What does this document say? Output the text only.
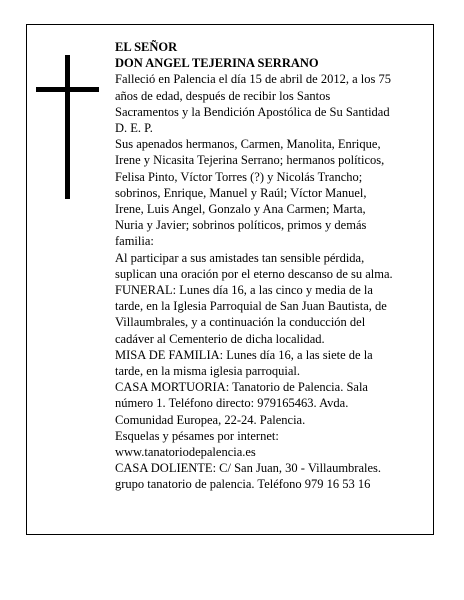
EL SEÑOR
DON ANGEL TEJERINA SERRANO
Falleció en Palencia el día 15 de abril de 2012, a los 75
años de edad, después de recibir los Santos
Sacramentos y la Bendición Apostólica de Su Santidad
D. E. P.
Sus apenados hermanos, Carmen, Manolita, Enrique,
Irene y Nicasita Tejerina Serrano; hermanos políticos,
Felisa Pinto, Víctor Torres (?) y Nicolás Trancho;
sobrinos, Enrique, Manuel y Raúl; Víctor Manuel,
Irene, Luis Angel, Gonzalo y Ana Carmen; Marta,
Nuria y Javier; sobrinos políticos, primos y demás
familia:
Al participar a sus amistades tan sensible pérdida,
suplican una oración por el eterno descanso de su alma.
FUNERAL: Lunes día 16, a las cinco y media de la
tarde, en la Iglesia Parroquial de San Juan Bautista, de
Villaumbrales, y a continuación la conducción del
cadáver al Cementerio de dicha localidad.
MISA DE FAMILIA: Lunes día 16, a las siete de la
tarde, en la misma iglesia parroquial.
CASA MORTUORIA: Tanatorio de Palencia. Sala
número 1. Teléfono directo: 979165463. Avda.
Comunidad Europea, 22-24. Palencia.
Esquelas y pésames por internet:
www.tanatoriodepalencia.es
CASA DOLIENTE: C/ San Juan, 30 - Villaumbrales.
grupo tanatorio de palencia. Teléfono 979 16 53 16
